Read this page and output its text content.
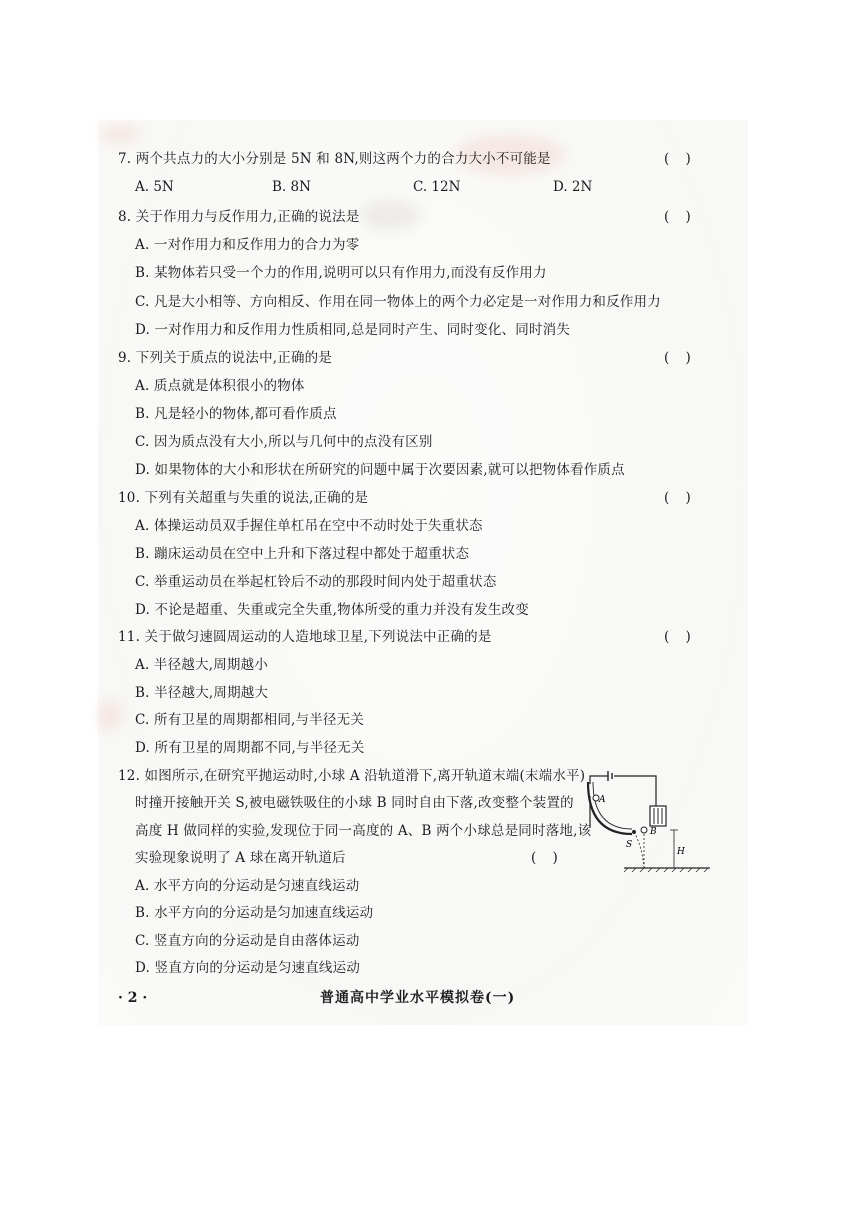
7. 两个共点力的大小分别是 5N 和 8N,则这两个力的合力大小不可能是	( )
A. 5N	B. 8N	C. 12N	D. 2N
8. 关于作用力与反作用力,正确的说法是	( )
A. 一对作用力和反作用力的合力为零
B. 某物体若只受一个力的作用,说明可以只有作用力,而没有反作用力
C. 凡是大小相等、方向相反、作用在同一物体上的两个力必定是一对作用力和反作用力
D. 一对作用力和反作用力性质相同,总是同时产生、同时变化、同时消失
9. 下列关于质点的说法中,正确的是	( )
A. 质点就是体积很小的物体
B. 凡是轻小的物体,都可看作质点
C. 因为质点没有大小,所以与几何中的点没有区别
D. 如果物体的大小和形状在所研究的问题中属于次要因素,就可以把物体看作质点
10. 下列有关超重与失重的说法,正确的是	( )
A. 体操运动员双手握住单杠吊在空中不动时处于失重状态
B. 蹦床运动员在空中上升和下落过程中都处于超重状态
C. 举重运动员在举起杠铃后不动的那段时间内处于超重状态
D. 不论是超重、失重或完全失重,物体所受的重力并没有发生改变
11. 关于做匀速圆周运动的人造地球卫星,下列说法中正确的是	( )
A. 半径越大,周期越小
B. 半径越大,周期越大
C. 所有卫星的周期都相同,与半径无关
D. 所有卫星的周期都不同,与半径无关
12. 如图所示,在研究平抛运动时,小球 A 沿轨道滑下,离开轨道末端(末端水平)
时撞开接触开关 S,被电磁铁吸住的小球 B 同时自由下落,改变整个装置的
高度 H 做同样的实验,发现位于同一高度的 A、B 两个小球总是同时落地,该
实验现象说明了 A 球在离开轨道后	( )
A. 水平方向的分运动是匀速直线运动
B. 水平方向的分运动是匀加速直线运动
C. 竖直方向的分运动是自由落体运动
D. 竖直方向的分运动是匀速直线运动
A
B
S
H
· 2 ·	普通高中学业水平模拟卷(一)
